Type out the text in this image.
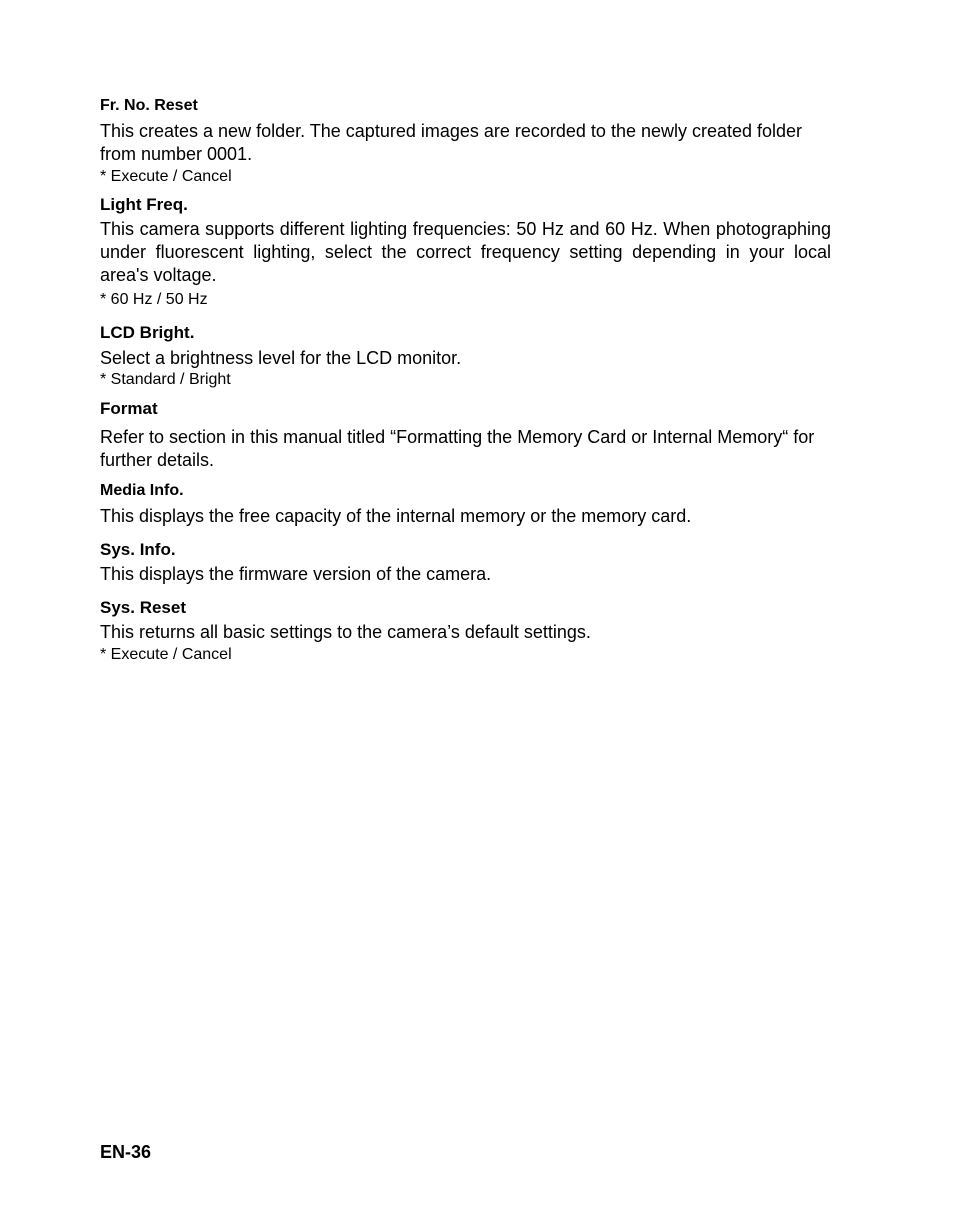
Fr. No. Reset

This creates a new folder. The captured images are recorded to the newly created folder from number 0001.

* Execute / Cancel
Light Freq.

This camera supports different lighting frequencies: 50 Hz and 60 Hz. When photographing under fluorescent lighting, select the correct frequency setting depending in your local area's voltage.

* 60 Hz / 50 Hz
LCD Bright.

Select a brightness level for the LCD monitor.

* Standard / Bright
Format

Refer to section in this manual titled “Formatting the Memory Card or Internal Memory“ for further details.

Media Info.

This displays the free capacity of the internal memory or the memory card.

Sys. Info.

This displays the firmware version of the camera.

Sys. Reset

This returns all basic settings to the camera’s default settings.

* Execute / Cancel
EN-36
